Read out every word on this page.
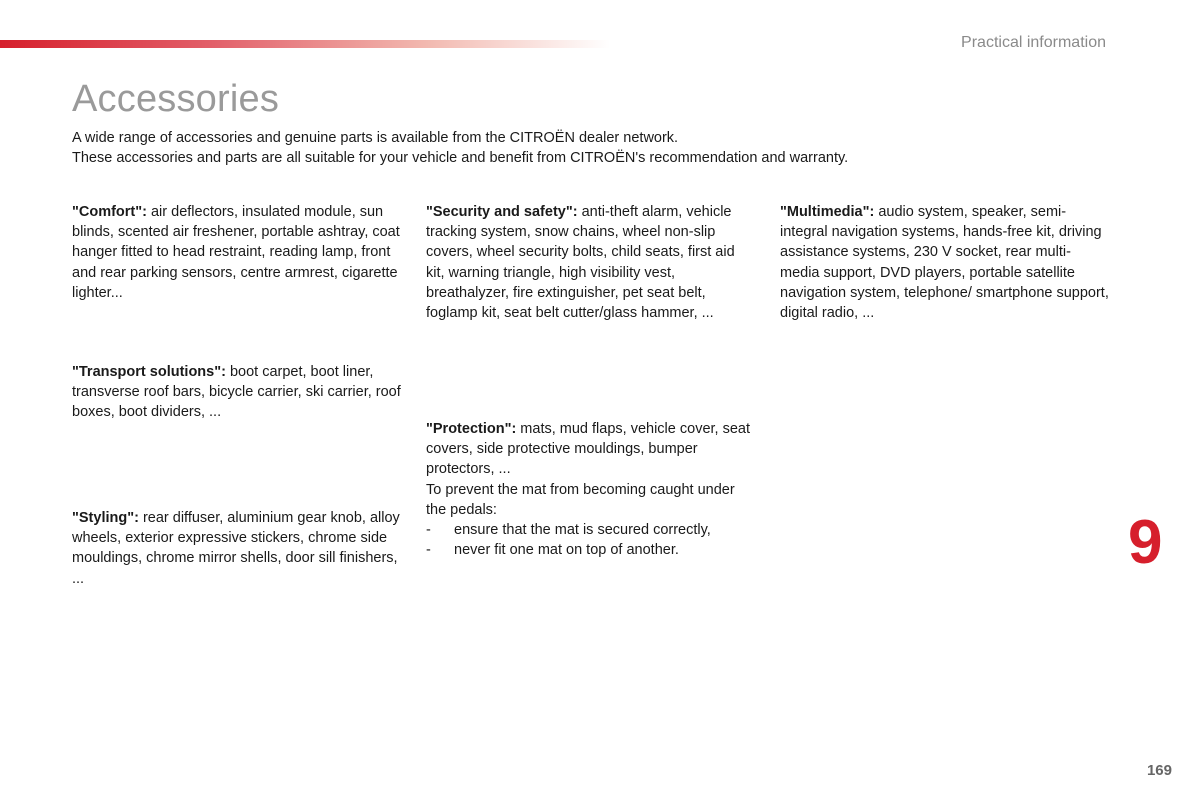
Practical information
Accessories

A wide range of accessories and genuine parts is available from the CITROËN dealer network.

These accessories and parts are all suitable for your vehicle and benefit from CITROËN's recommendation and warranty.

"Comfort": air deflectors, insulated module, sun blinds, scented air freshener, portable ashtray, coat hanger fitted to head restraint, reading lamp, front and rear parking sensors, centre armrest, cigarette lighter...

"Transport solutions": boot carpet, boot liner, transverse roof bars, bicycle carrier, ski carrier, roof boxes, boot dividers, ...

"Styling": rear diffuser, aluminium gear knob, alloy wheels, exterior expressive stickers, chrome side mouldings, chrome mirror shells, door sill finishers, ...

"Security and safety": anti-theft alarm, vehicle tracking system, snow chains, wheel non-slip covers, wheel security bolts, child seats, first aid kit, warning triangle, high visibility vest, breathalyzer, fire extinguisher, pet seat belt, foglamp kit, seat belt cutter/glass hammer, ...

"Protection": mats, mud flaps, vehicle cover, seat covers, side protective mouldings, bumper protectors, ...

To prevent the mat from becoming caught under the pedals:

-	ensure that the mat is secured correctly,
-	never fit one mat on top of another.

"Multimedia": audio system, speaker, semi-integral navigation systems, hands-free kit, driving assistance systems, 230 V socket, rear multi-media support, DVD players, portable satellite navigation system, telephone/ smartphone support, digital radio, ...

9
169
